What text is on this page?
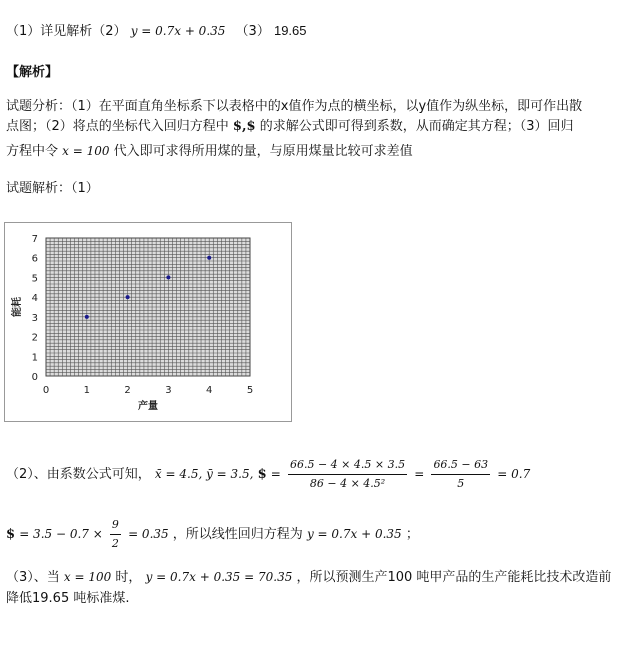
（1）详见解析（2） y = 0.7x + 0.35 （3） 19.65
【解析】
试题分析：（1）在平面直角坐标系下以表格中的x值作为点的横坐标，以y值作为纵坐标，即可作出散
点图；（2）将点的坐标代入回归方程中 $,$ 的求解公式即可得到系数，从而确定其方程；（3）回归
方程中令 x = 100 代入即可求得所用煤的量，与原用煤量比较可求差值
试题解析：（1）
0
1
2
3
4
5
6
7
0	1	2	3	4	5
能耗
产量
（2）、由系数公式可知， x̄ = 4.5, ȳ = 3.5, $ = $\frac{66.5 - 4 \times 4.5 \times 3.5}{\text{86 − 4 × 4.5²}} = \frac{66.5 - 63}{5} = 0.7$
$ = $3.5 - 0.7 \times \frac{9}{2} = 0.35$ ，所以线性回归方程为 y = 0.7x + 0.35 ；
（3）、当 x = 100 时， y = 0.7x + 0.35 = 70.35 ，所以预测生产100 吨甲产品的生产能耗比技术改造前
降低19.65 吨标准煤.
